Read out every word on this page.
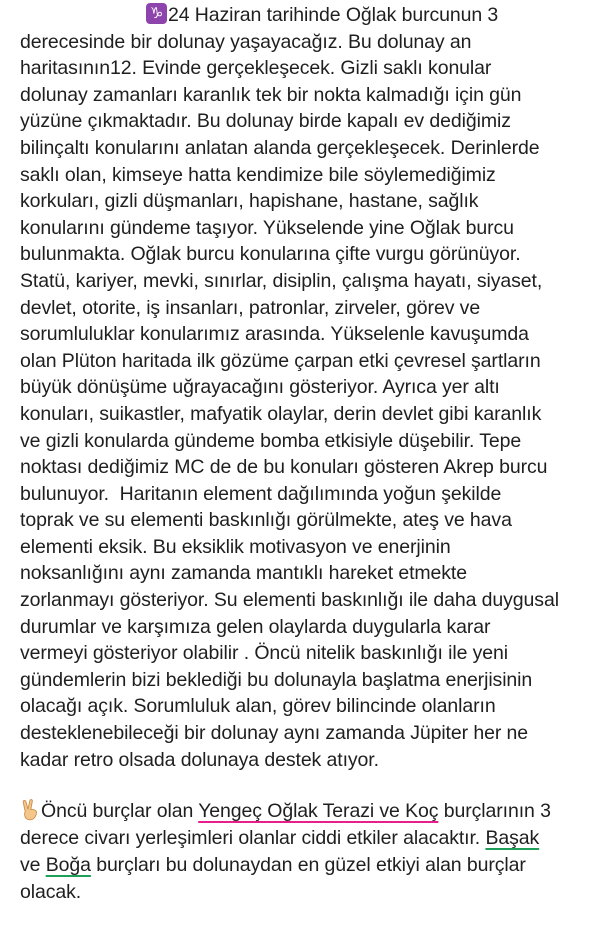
♑24 Haziran tarihinde Oğlak burcunun 3
derecesinde bir dolunay yaşayacağız. Bu dolunay an
haritasının12. Evinde gerçekleşecek. Gizli saklı konular
dolunay zamanları karanlık tek bir nokta kalmadığı için gün
yüzüne çıkmaktadır. Bu dolunay birde kapalı ev dediğimiz
bilinçaltı konularını anlatan alanda gerçekleşecek. Derinlerde
saklı olan, kimseye hatta kendimize bile söylemediğimiz
korkuları, gizli düşmanları, hapishane, hastane, sağlık
konularını gündeme taşıyor. Yükselende yine Oğlak burcu
bulunmakta. Oğlak burcu konularına çifte vurgu görünüyor.
Statü, kariyer, mevki, sınırlar, disiplin, çalışma hayatı, siyaset,
devlet, otorite, iş insanları, patronlar, zirveler, görev ve
sorumluluklar konularımız arasında. Yükselenle kavuşumda
olan Plüton haritada ilk gözüme çarpan etki çevresel şartların
büyük dönüşüme uğrayacağını gösteriyor. Ayrıca yer altı
konuları, suikastler, mafyatik olaylar, derin devlet gibi karanlık
ve gizli konularda gündeme bomba etkisiyle düşebilir. Tepe
noktası dediğimiz MC de de bu konuları gösteren Akrep burcu
bulunuyor.  Haritanın element dağılımında yoğun şekilde
toprak ve su elementi baskınlığı görülmekte, ateş ve hava
elementi eksik. Bu eksiklik motivasyon ve enerjinin
noksanlığını aynı zamanda mantıklı hareket etmekte
zorlanmayı gösteriyor. Su elementi baskınlığı ile daha duygusal
durumlar ve karşımıza gelen olaylarda duygularla karar
vermeyi gösteriyor olabilir . Öncü nitelik baskınlığı ile yeni
gündemlerin bizi beklediği bu dolunayla başlatma enerjisinin
olacağı açık. Sorumluluk alan, görev bilincinde olanların
desteklenebileceği bir dolunay aynı zamanda Jüpiter her ne
kadar retro olsada dolunaya destek atıyor.
Öncü burçlar olan Yengeç Oğlak Terazi ve Koç burçlarının 3
derece civarı yerleşimleri olanlar ciddi etkiler alacaktır. Başak
ve Boğa burçları bu dolunaydan en güzel etkiyi alan burçlar
olacak.
